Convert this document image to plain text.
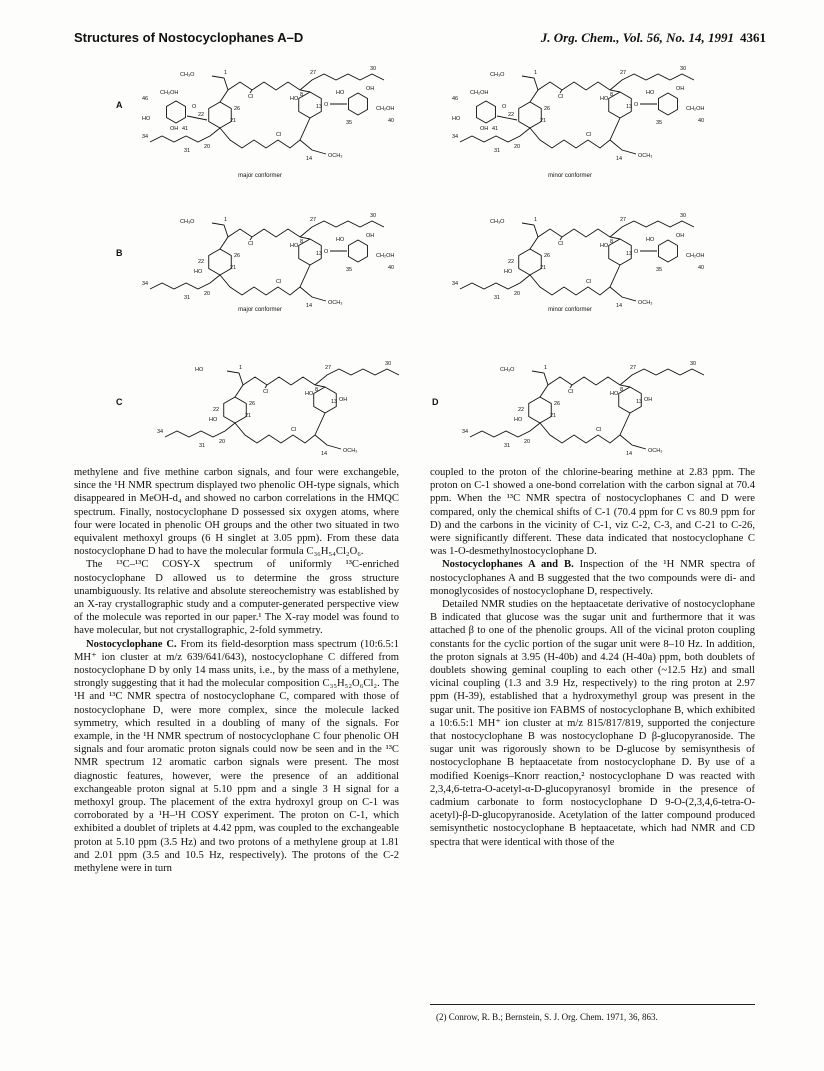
Structures of Nostocyclophanes A–D	J. Org. Chem., Vol. 56, No. 14, 1991 4361
A
B
C	D
CH₃O	1
Cl
27
30
34
31
20
Cl
14	OCH₃
22
26
21
HO
8
13 O
HO
OH
CH₂OH
35	40
46
CH₂OH
HO
OH 41
O
CH₃O	1
Cl
27
30
34
31
20
Cl
14	OCH₃
22
26
21
HO
8
13 O
HO
OH
CH₂OH
35	40
46
CH₂OH
HO
OH 41
O
CH₃O	1
Cl
27
30
34
31
20
Cl
14	OCH₃
22
26
21
HO
8
13 O
HO
OH
CH₂OH
35	40
HO
CH₃O	1
Cl
27
30
34
31
20
Cl
14	OCH₃
22
26
21
HO
8
13 O
HO
OH
CH₂OH
35	40
HO
HO	1
Cl
27
30
34
31
20
Cl
14	OCH₃
22
26
21
HO
8
13 OH
HO
CH₃O	1
Cl
27
30
34
31
20
Cl
14	OCH₃
22
26
21
HO
8
13 OH
HO
major conformer	minor conformer
major conformer	minor conformer

methylene and five methine carbon signals, and four were exchangeble, since the ¹H NMR spectrum displayed two phenolic OH-type signals, which disappeared in MeOH-d₄ and showed no carbon correlations in the HMQC spectrum. Finally, nostocyclophane D possessed six oxygen atoms, where four were located in phenolic OH groups and the other two situated in two equivalent methoxyl groups (6 H singlet at 3.05 ppm). From these data nostocyclophane D had to have the molecular formula C₃₆H₅₄Cl₂O₆.

The ¹³C–¹³C COSY-X spectrum of uniformly ¹³C-enriched nostocyclophane D allowed us to determine the gross structure unambiguously. Its relative and absolute stereochemistry was established by an X-ray crystallographic study and a computer-generated perspective view of the molecule was reported in our paper.¹ The X-ray model was found to have molecular, but not crystallographic, 2-fold symmetry.

Nostocyclophane C. From its field-desorption mass spectrum (10:6.5:1 MH⁺ ion cluster at m/z 639/641/643), nostocyclophane C differed from nostocyclophane D by only 14 mass units, i.e., by the mass of a methylene, strongly suggesting that it had the molecular composition C₃₅H₅₂O₆Cl₂. The ¹H and ¹³C NMR spectra of nostocyclophane C, compared with those of nostocyclophane D, were more complex, since the molecule lacked symmetry, which resulted in a doubling of many of the signals. For example, in the ¹H NMR spectrum of nostocyclophane C four phenolic OH signals and four aromatic proton signals could now be seen and in the ¹³C NMR spectrum 12 aromatic carbon signals were present. The most diagnostic features, however, were the presence of an additional exchangeable proton signal at 5.10 ppm and a single 3 H signal for a methoxyl group. The placement of the extra hydroxyl group on C-1 was corroborated by a ¹H–¹H COSY experiment. The proton on C-1, which exhibited a doublet of triplets at 4.42 ppm, was coupled to the exchangeable proton at 5.10 ppm (3.5 Hz) and two protons of a methylene group at 1.81 and 2.01 ppm (3.5 and 10.5 Hz, respectively). The protons of the C-2 methylene were in turn

coupled to the proton of the chlorine-bearing methine at 2.83 ppm. The proton on C-1 showed a one-bond correlation with the carbon signal at 70.4 ppm. When the ¹³C NMR spectra of nostocyclophanes C and D were compared, only the chemical shifts of C-1 (70.4 ppm for C vs 80.9 ppm for D) and the carbons in the vicinity of C-1, viz C-2, C-3, and C-21 to C-26, were significantly different. These data indicated that nostocyclophane C was 1-O-desmethylnostocyclophane D.

Nostocyclophanes A and B. Inspection of the ¹H NMR spectra of nostocyclophanes A and B suggested that the two compounds were di- and monoglycosides of nostocyclophane D, respectively.

Detailed NMR studies on the heptaacetate derivative of nostocyclophane B indicated that glucose was the sugar unit and furthermore that it was attached β to one of the phenolic groups. All of the vicinal proton coupling constants for the cyclic portion of the sugar unit were 8–10 Hz. In addition, the proton signals at 3.95 (H-40b) and 4.24 (H-40a) ppm, both doublets of doublets showing geminal coupling to each other (~12.5 Hz) and small vicinal coupling (1.3 and 3.9 Hz, respectively) to the ring proton at 2.97 ppm (H-39), established that a hydroxymethyl group was present in the sugar unit. The positive ion FABMS of nostocyclophane B, which exhibited a 10:6.5:1 MH⁺ ion cluster at m/z 815/817/819, supported the conjecture that nostocyclophane B was nostocyclophane D β-glucopyranoside. The sugar unit was rigorously shown to be D-glucose by semisynthesis of nostocyclophane B heptaacetate from nostocyclophane D. By use of a modified Koenigs–Knorr reaction,² nostocyclophane D was reacted with 2,3,4,6-tetra-O-acetyl-α-D-glucopyranosyl bromide in the presence of cadmium carbonate to form nostocyclophane D 9-O-(2,3,4,6-tetra-O-acetyl)-β-D-glucopyranoside. Acetylation of the latter compound produced semisynthetic nostocyclophane B heptaacetate, which had NMR and CD spectra that were identical with those of the

(2) Conrow, R. B.; Bernstein, S. J. Org. Chem. 1971, 36, 863.
